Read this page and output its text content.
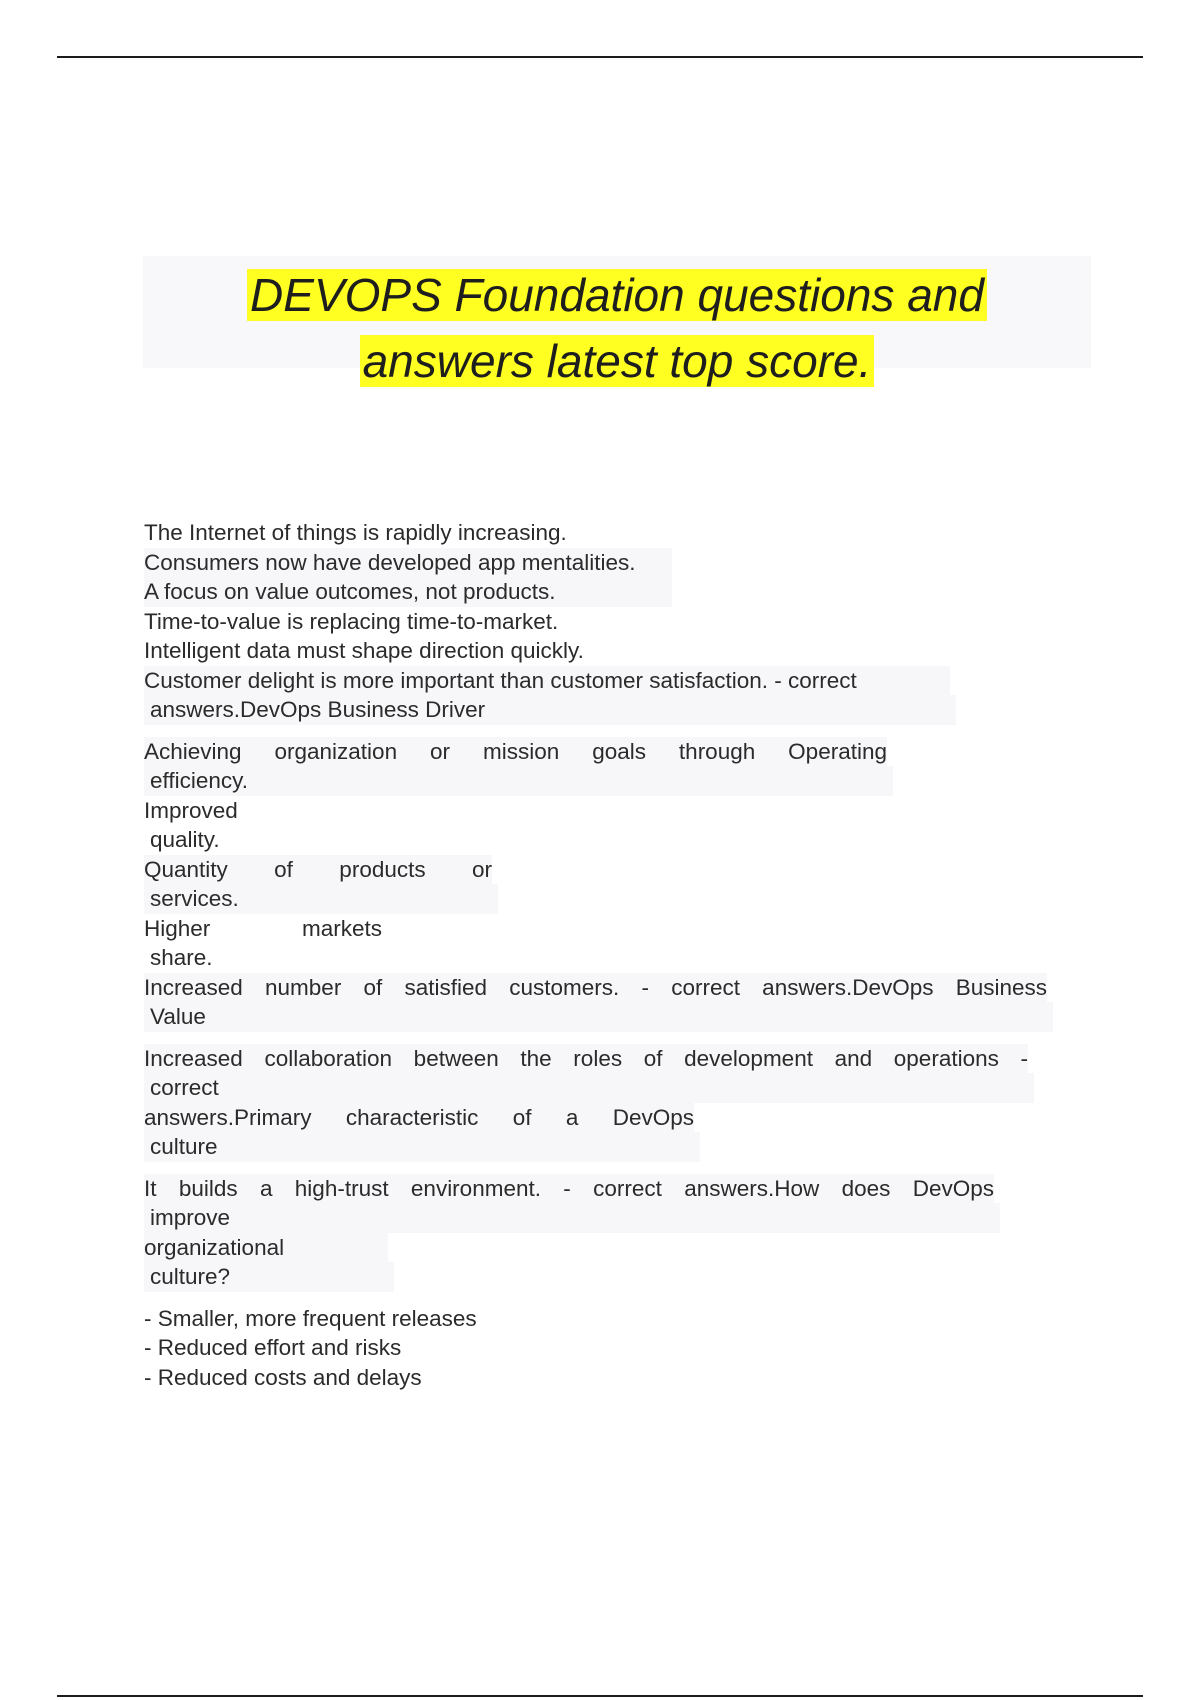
DEVOPS Foundation questions and
answers latest top score.

The Internet of things is rapidly increasing.
Consumers now have developed app mentalities.
A focus on value outcomes, not products.
Time-to-value is replacing time-to-market.
Intelligent data must shape direction quickly.
Customer delight is more important than customer satisfaction. - correct
answers.DevOps Business Driver

Achieving organization or mission goals through Operating
efficiency.
Improved
quality.
Quantity of products or
services.
Higher markets
share.
Increased number of satisfied customers. - correct answers.DevOps Business
Value

Increased collaboration between the roles of development and operations -
correct
answers.Primary characteristic of a DevOps
culture

It builds a high-trust environment. - correct answers.How does DevOps
improve
organizational
culture?

- Smaller, more frequent releases
- Reduced effort and risks
- Reduced costs and delays
